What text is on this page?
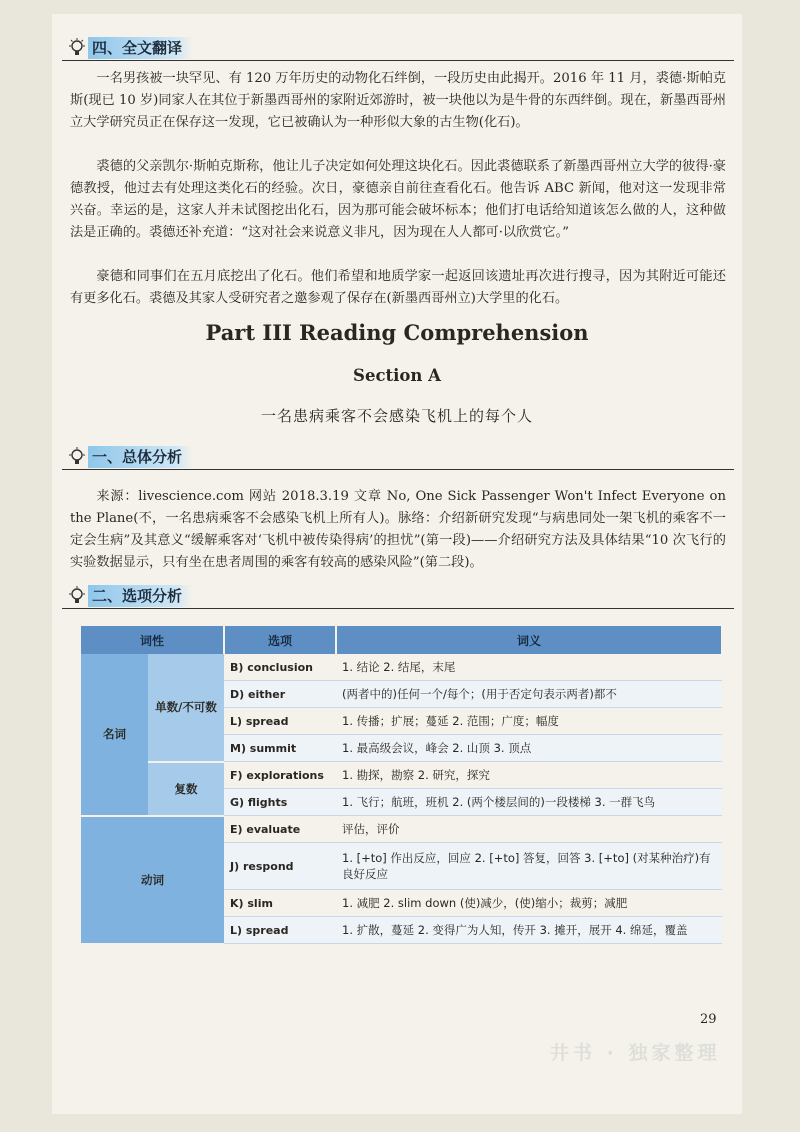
四、全文翻译

一名男孩被一块罕见、有 120 万年历史的动物化石绊倒，一段历史由此揭开。2016 年 11 月，裘德·斯帕克斯(现已 10 岁)同家人在其位于新墨西哥州的家附近郊游时，被一块他以为是牛骨的东西绊倒。现在，新墨西哥州立大学研究员正在保存这一发现，它已被确认为一种形似大象的古生物(化石)。

裘德的父亲凯尔·斯帕克斯称，他让儿子决定如何处理这块化石。因此裘德联系了新墨西哥州立大学的彼得·豪德教授，他过去有处理这类化石的经验。次日，豪德亲自前往查看化石。他告诉 ABC 新闻，他对这一发现非常兴奋。幸运的是，这家人并未试图挖出化石，因为那可能会破坏标本；他们打电话给知道该怎么做的人，这种做法是正确的。裘德还补充道：“这对社会来说意义非凡，因为现在人人都可·以欣赏它。”

豪德和同事们在五月底挖出了化石。他们希望和地质学家一起返回该遗址再次进行搜寻，因为其附近可能还有更多化石。裘德及其家人受研究者之邀参观了保存在(新墨西哥州立)大学里的化石。

Part III Reading Comprehension
Section A
一名患病乘客不会感染飞机上的每个人
一、总体分析

来源：livescience.com 网站 2018.3.19 文章 No, One Sick Passenger Won't Infect Everyone on the Plane(不，一名患病乘客不会感染飞机上所有人)。脉络：介绍新研究发现“与病患同处一架飞机的乘客不一定会生病”及其意义“缓解乘客对‘飞机中被传染得病’的担忧”(第一段)——介绍研究方法及具体结果“10 次飞行的实验数据显示，只有坐在患者周围的乘客有较高的感染风险”(第二段)。

二、选项分析
词性		选项	词义
名词	单数/不可数	B) conclusion	1. 结论 2. 结尾，末尾
		D) either	(两者中的)任何一个/每个；(用于否定句表示两者)都不
		L) spread	1. 传播；扩展；蔓延 2. 范围；广度；幅度
		M) summit	1. 最高级会议，峰会 2. 山顶 3. 顶点
	复数	F) explorations	1. 勘探，勘察 2. 研究，探究
		G) flights	1. 飞行；航班，班机 2. (两个楼层间的)一段楼梯 3. 一群飞鸟
动词		E) evaluate	评估，评价
		J) respond	1. [+to] 作出反应，回应 2. [+to] 答复，回答 3. [+to] (对某种治疗)有良好反应
		K) slim	1. 减肥 2. slim down (使)减少，(使)缩小；裁剪；减肥
		L) spread	1. 扩散，蔓延 2. 变得广为人知，传开 3. 摊开，展开 4. 绵延，覆盖
29
井书 · 独家整理
